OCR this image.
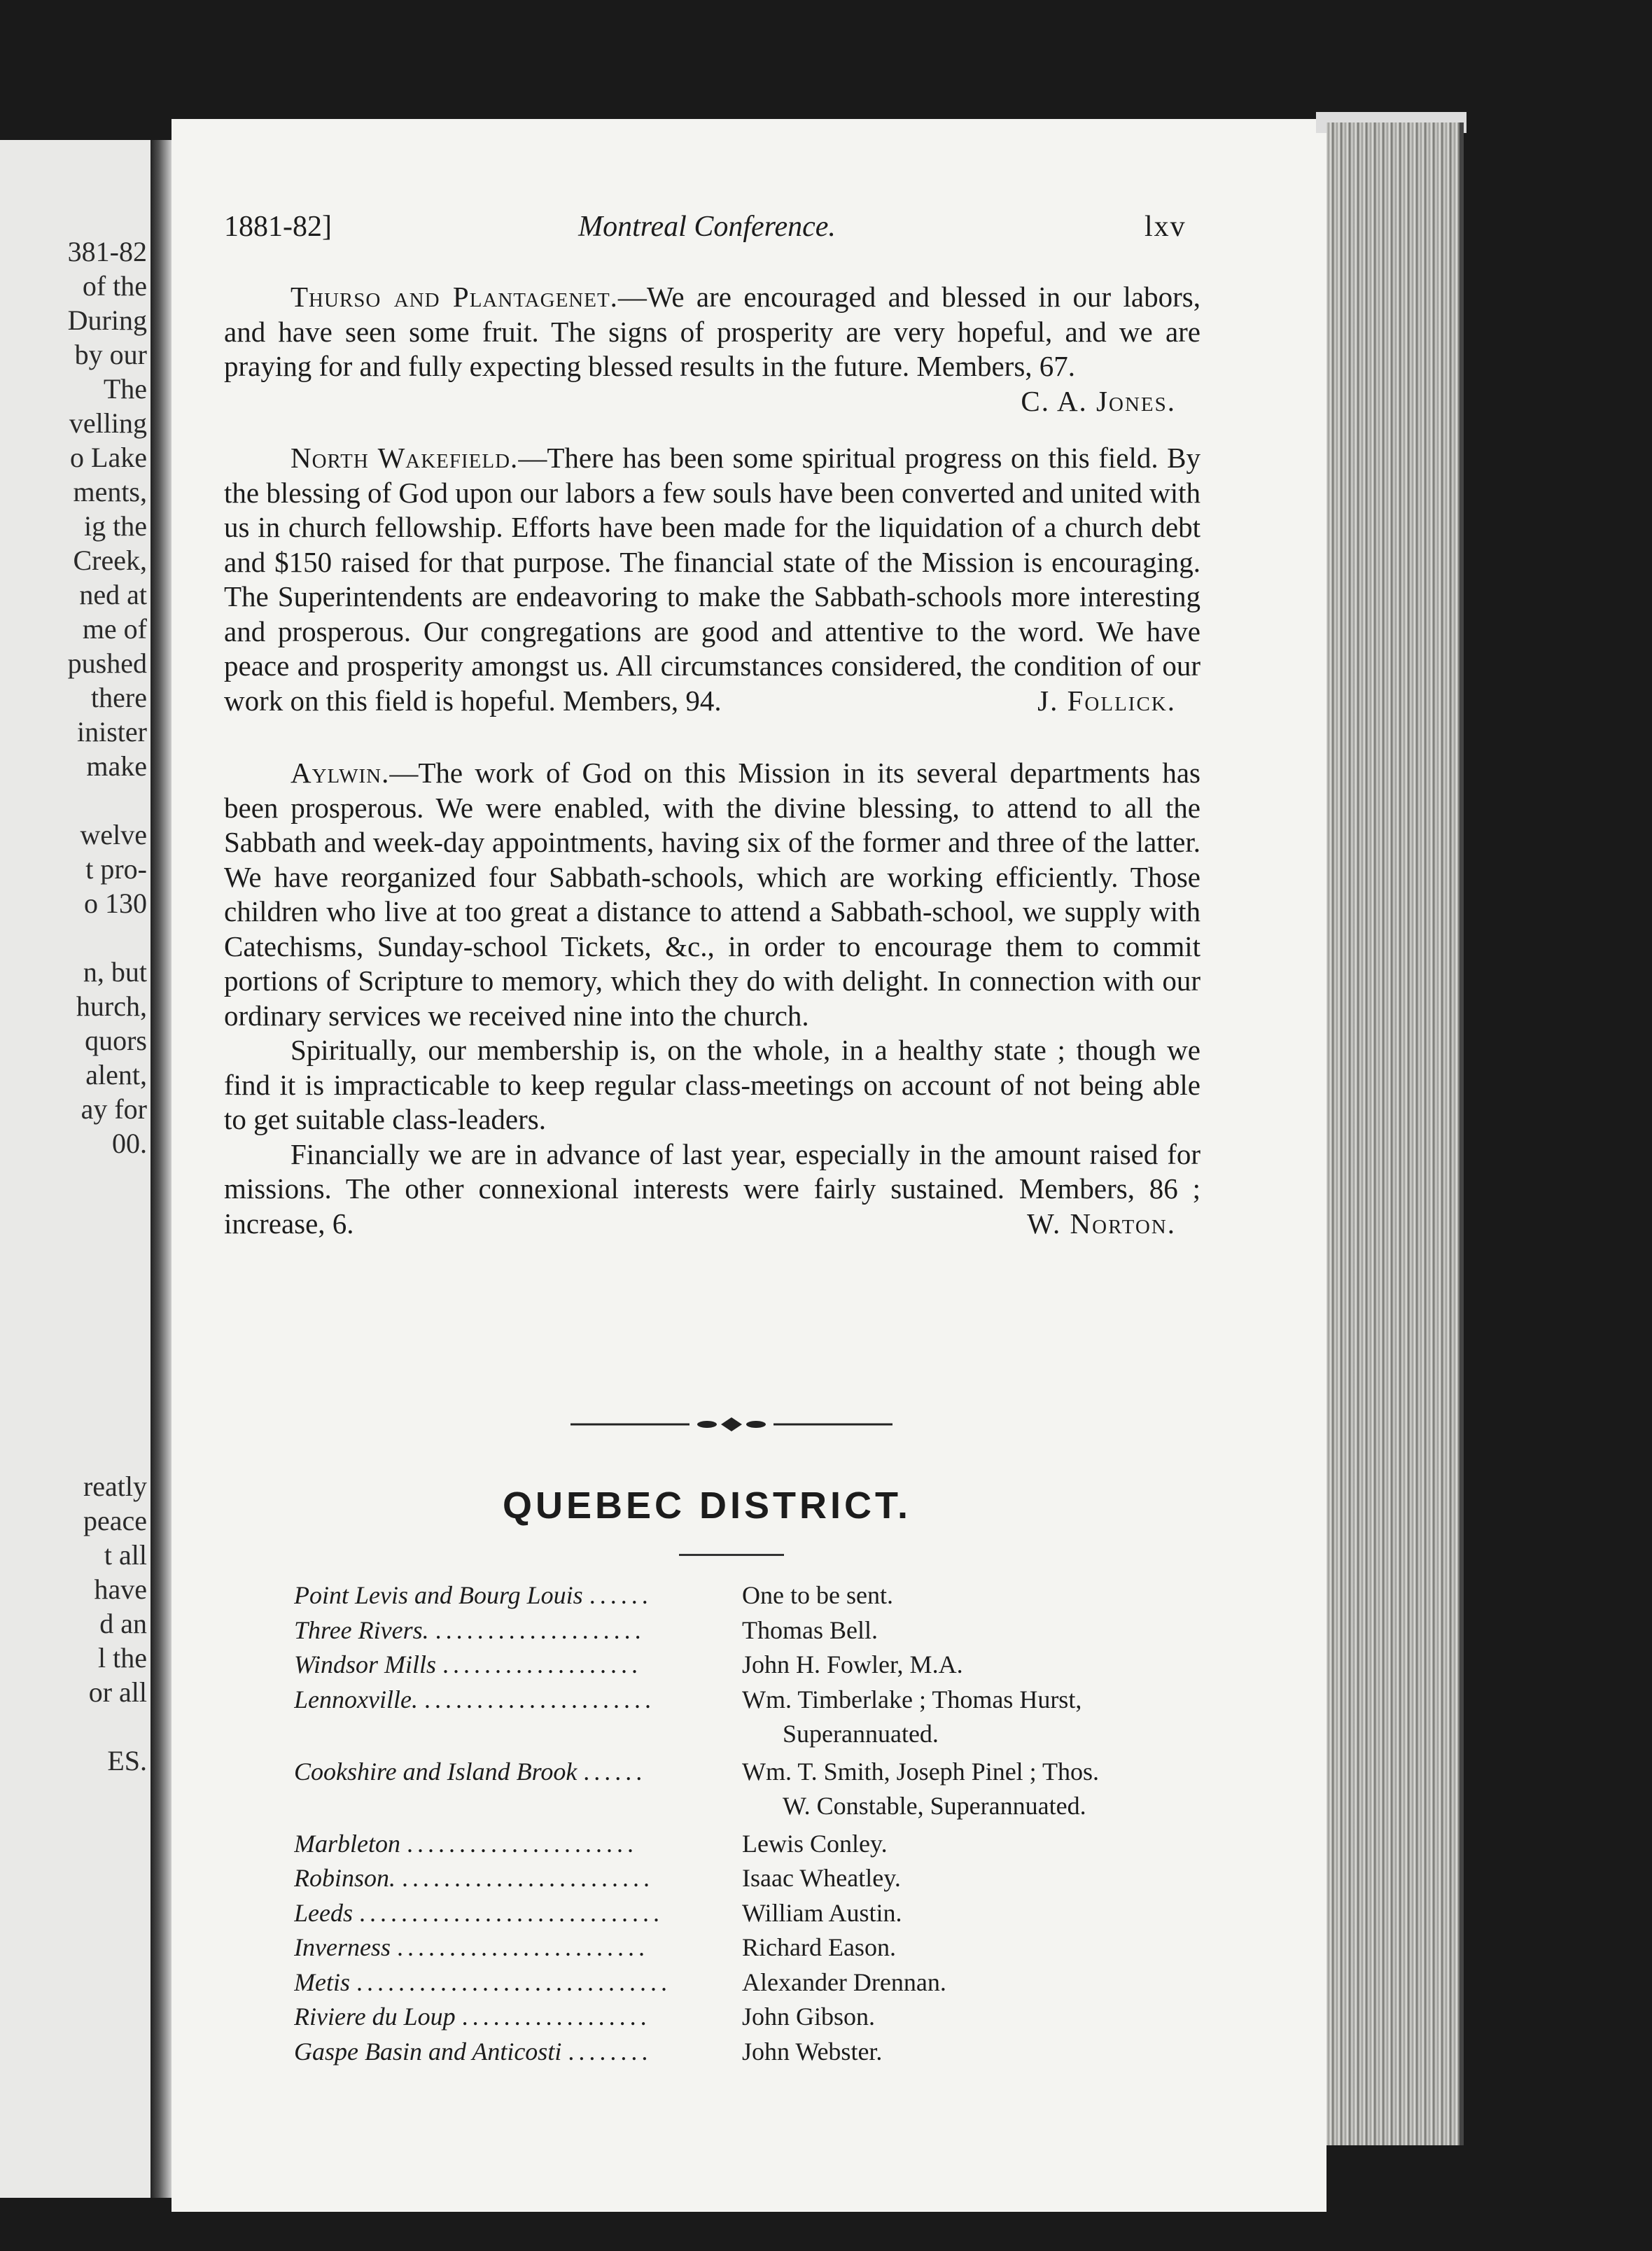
381-82
of the
During
by our
The
velling
o Lake
ments,
ig the
Creek,
ned at
me of
pushed
there
inister
make
welve
t pro-
o 130
n, but
hurch,
quors
alent,
ay for
00.
reatly
peace
t all
have
d an
l the
or all
ES.
1881-82]	Montreal Conference.	lxv
Thurso and Plantagenet.—We are encouraged and blessed in our labors, and have seen some fruit. The signs of prosperity are very hopeful, and we are praying for and fully expecting blessed results in the future. Members, 67.
C. A. Jones.
North Wakefield.—There has been some spiritual progress on this field. By the blessing of God upon our labors a few souls have been converted and united with us in church fellowship. Efforts have been made for the liquidation of a church debt and $150 raised for that purpose. The financial state of the Mission is encouraging. The Superintendents are endeavoring to make the Sabbath-schools more interesting and prosperous. Our congregations are good and attentive to the word. We have peace and prosperity amongst us. All circumstances considered, the condition of our work on this field is hopeful. Members, 94.	J. Follick.
Aylwin.—The work of God on this Mission in its several departments has been prosperous. We were enabled, with the divine blessing, to attend to all the Sabbath and week-day appointments, having six of the former and three of the latter. We have reorganized four Sabbath-schools, which are working efficiently. Those children who live at too great a distance to attend a Sabbath-school, we supply with Catechisms, Sunday-school Tickets, &c., in order to encourage them to commit portions of Scripture to memory, which they do with delight. In connection with our ordinary services we received nine into the church.
Spiritually, our membership is, on the whole, in a healthy state ; though we find it is impracticable to keep regular class-meetings on account of not being able to get suitable class-leaders.
Financially we are in advance of last year, especially in the amount raised for missions. The other connexional interests were fairly sustained. Members, 86 ; increase, 6.	W. Norton.
QUEBEC DISTRICT.
Point Levis and Bourg Louis ......	One to be sent.
Three Rivers. ....................	Thomas Bell.
Windsor Mills ...................	John H. Fowler, M.A.
Lennoxville. ......................	Wm. Timberlake ; Thomas Hurst,
Superannuated.
Cookshire and Island Brook ......	Wm. T. Smith, Joseph Pinel ; Thos.
W. Constable, Superannuated.
Marbleton ......................	Lewis Conley.
Robinson. ........................	Isaac Wheatley.
Leeds .............................	William Austin.
Inverness ........................	Richard Eason.
Metis ..............................	Alexander Drennan.
Riviere du Loup ..................	John Gibson.
Gaspe Basin and Anticosti ........	John Webster.
